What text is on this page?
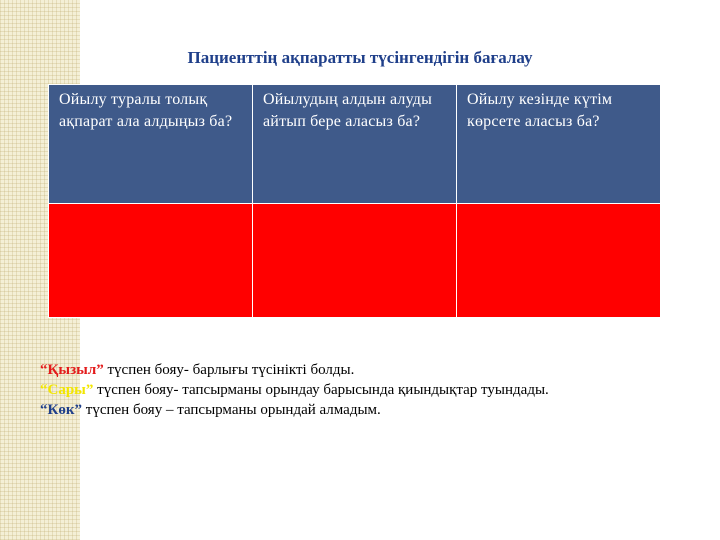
Пациенттің ақпаратты түсінгендігін бағалау
Ойылу туралы толық ақпарат ала алдыңыз ба?	Ойылудың алдын алуды айтып бере аласыз ба?	Ойылу кезінде күтім көрсете аласыз ба?

“Қызыл” түспен бояу- барлығы түсінікті болды.
“Сары” түспен бояу- тапсырманы орындау барысында қиындықтар туындады.
“Көк” түспен бояу – тапсырманы орындай алмадым.
